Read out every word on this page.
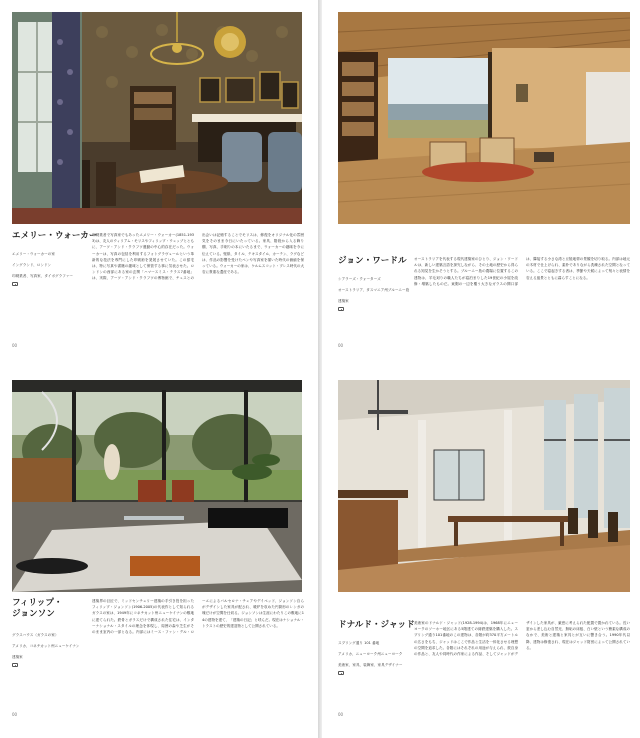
エメリー・ウォーカー
エメリー・ウォーカーの家
イングランド、ロンドン
印刷業者、写真家、タイポグラファー
印刷業者で写真家でもあったエメリー・ウォーカー(1851-1933)は、友人のウィリアム・モリスやフィリップ・ウェッブとともに、アーツ・アンド・クラフツ運動の中心的存在だった。ウォーカーは、写真の包括を利用するフォトグラヴュールという革新的な技法を専門にした印刷術を発展させていた。この邸宅は、特に写真や書籍の趣味として保管する事に気表させた。ロンドンの西部にある家の玄関「ハマースミス・テラス7番地」は、実際、アーツ・アンド・クラフツの博物館で、チェスとの出会いは記憶することでモリスは、修復をオリジナル化の雰囲気をそのまま今日にいたっている。家具、階段から入る飾り棚、写真、手刷りの本にいたるまで、ウォーカーの趣味を今に伝えている。壁紙、タイル、テキスタイル、カーテン、ラグなどは、作品の影響を受けたペンや写真家を描いた時代の価値を保っている。ウォーカーの家は、ケルムスコット・プレス時代の大変に貴重な遺産である。
00
フィリップ・
ジョンソン
グラスハウス〈ガラスの家〉
アメリカ、コネチカット州ニューケイナン
建築家
建築界の巨匠で、ミッドセンチュリー建築の手引き役を担ったフィリップ・ジョンソン(1906-2005)の代表作として知られるガラスの家は、1949年にコネチカット州ニューケイナンの敷地に建てられた。鉄骨とガラスだけで構成された住宅は、インターナショナル・スタイルの理念を体現し、周囲の森や芝生がそのまま室内の一部となる。内部にはミース・ファン・デル・ローエによるバルセロナ・チェアやデイベッド、ジョンソン自らがデザインした家具が配され、暖炉を収めた円筒形のレンガの塊だけが空間を仕切る。ジョンソンは生涯にわたりこの敷地に14の建物を建て、「建築の日記」と呼んだ。現在はナショナル・トラストの歴史的建造物として公開されている。
00
ジョン・ワードル
シアラーズ・クォーターズ
オーストラリア、タスマニア州ブルーニー島
建築家
オーストラリアを代表する現代建築家のひとり、ジョン・ワードルは、新しい建築言語を探究しながら、その土地の歴史から得られる知見を生かそうとする。ブルーニー島の農場に位置するこの建物は、羊毛刈りの職人たちが寝泊まりした19世紀の小屋を改修・増築したものだ。東側の一辺を覆う大きなガラスの開口部は、隣接する小さな湾と丘陵地帯の景観を切り取る。内部は地元の木材で仕上げられ、素朴でありながら洗練された空間となっている。ここで寝起きする者は、季節や天候によって刻々と表情を変える風景とともに暮らすことになる。
00
ドナルド・ジャッド
スプリング通り 101 番地
アメリカ、ニューヨーク州ニューヨーク
美術家、家具、装飾家、家具デザイナー
美術家のドナルド・ジャッド(1928-1994)は、1968年にニューヨークのソーホー地区にある5階建ての鋳鉄建築を購入した。スプリング通り101番地のこの建物は、各階が約370平方メートルの広さをもち、ジャッドはここで作品と生活を一体化させる理想の空間を追求した。各階にはそれぞれの用途が与えられ、彼自身の作品と、友人や同時代の作家による作品、そしてジャッドがデザインした家具が、厳密に考えられた配置で置かれている。長い窓から差し込む自然光、無垢の床板、白い壁という簡素な構成のなかで、美術と建築と家具とが互いに響き合う。1990年代以降、建物は修復され、現在はジャッド財団によって公開されている。
00
